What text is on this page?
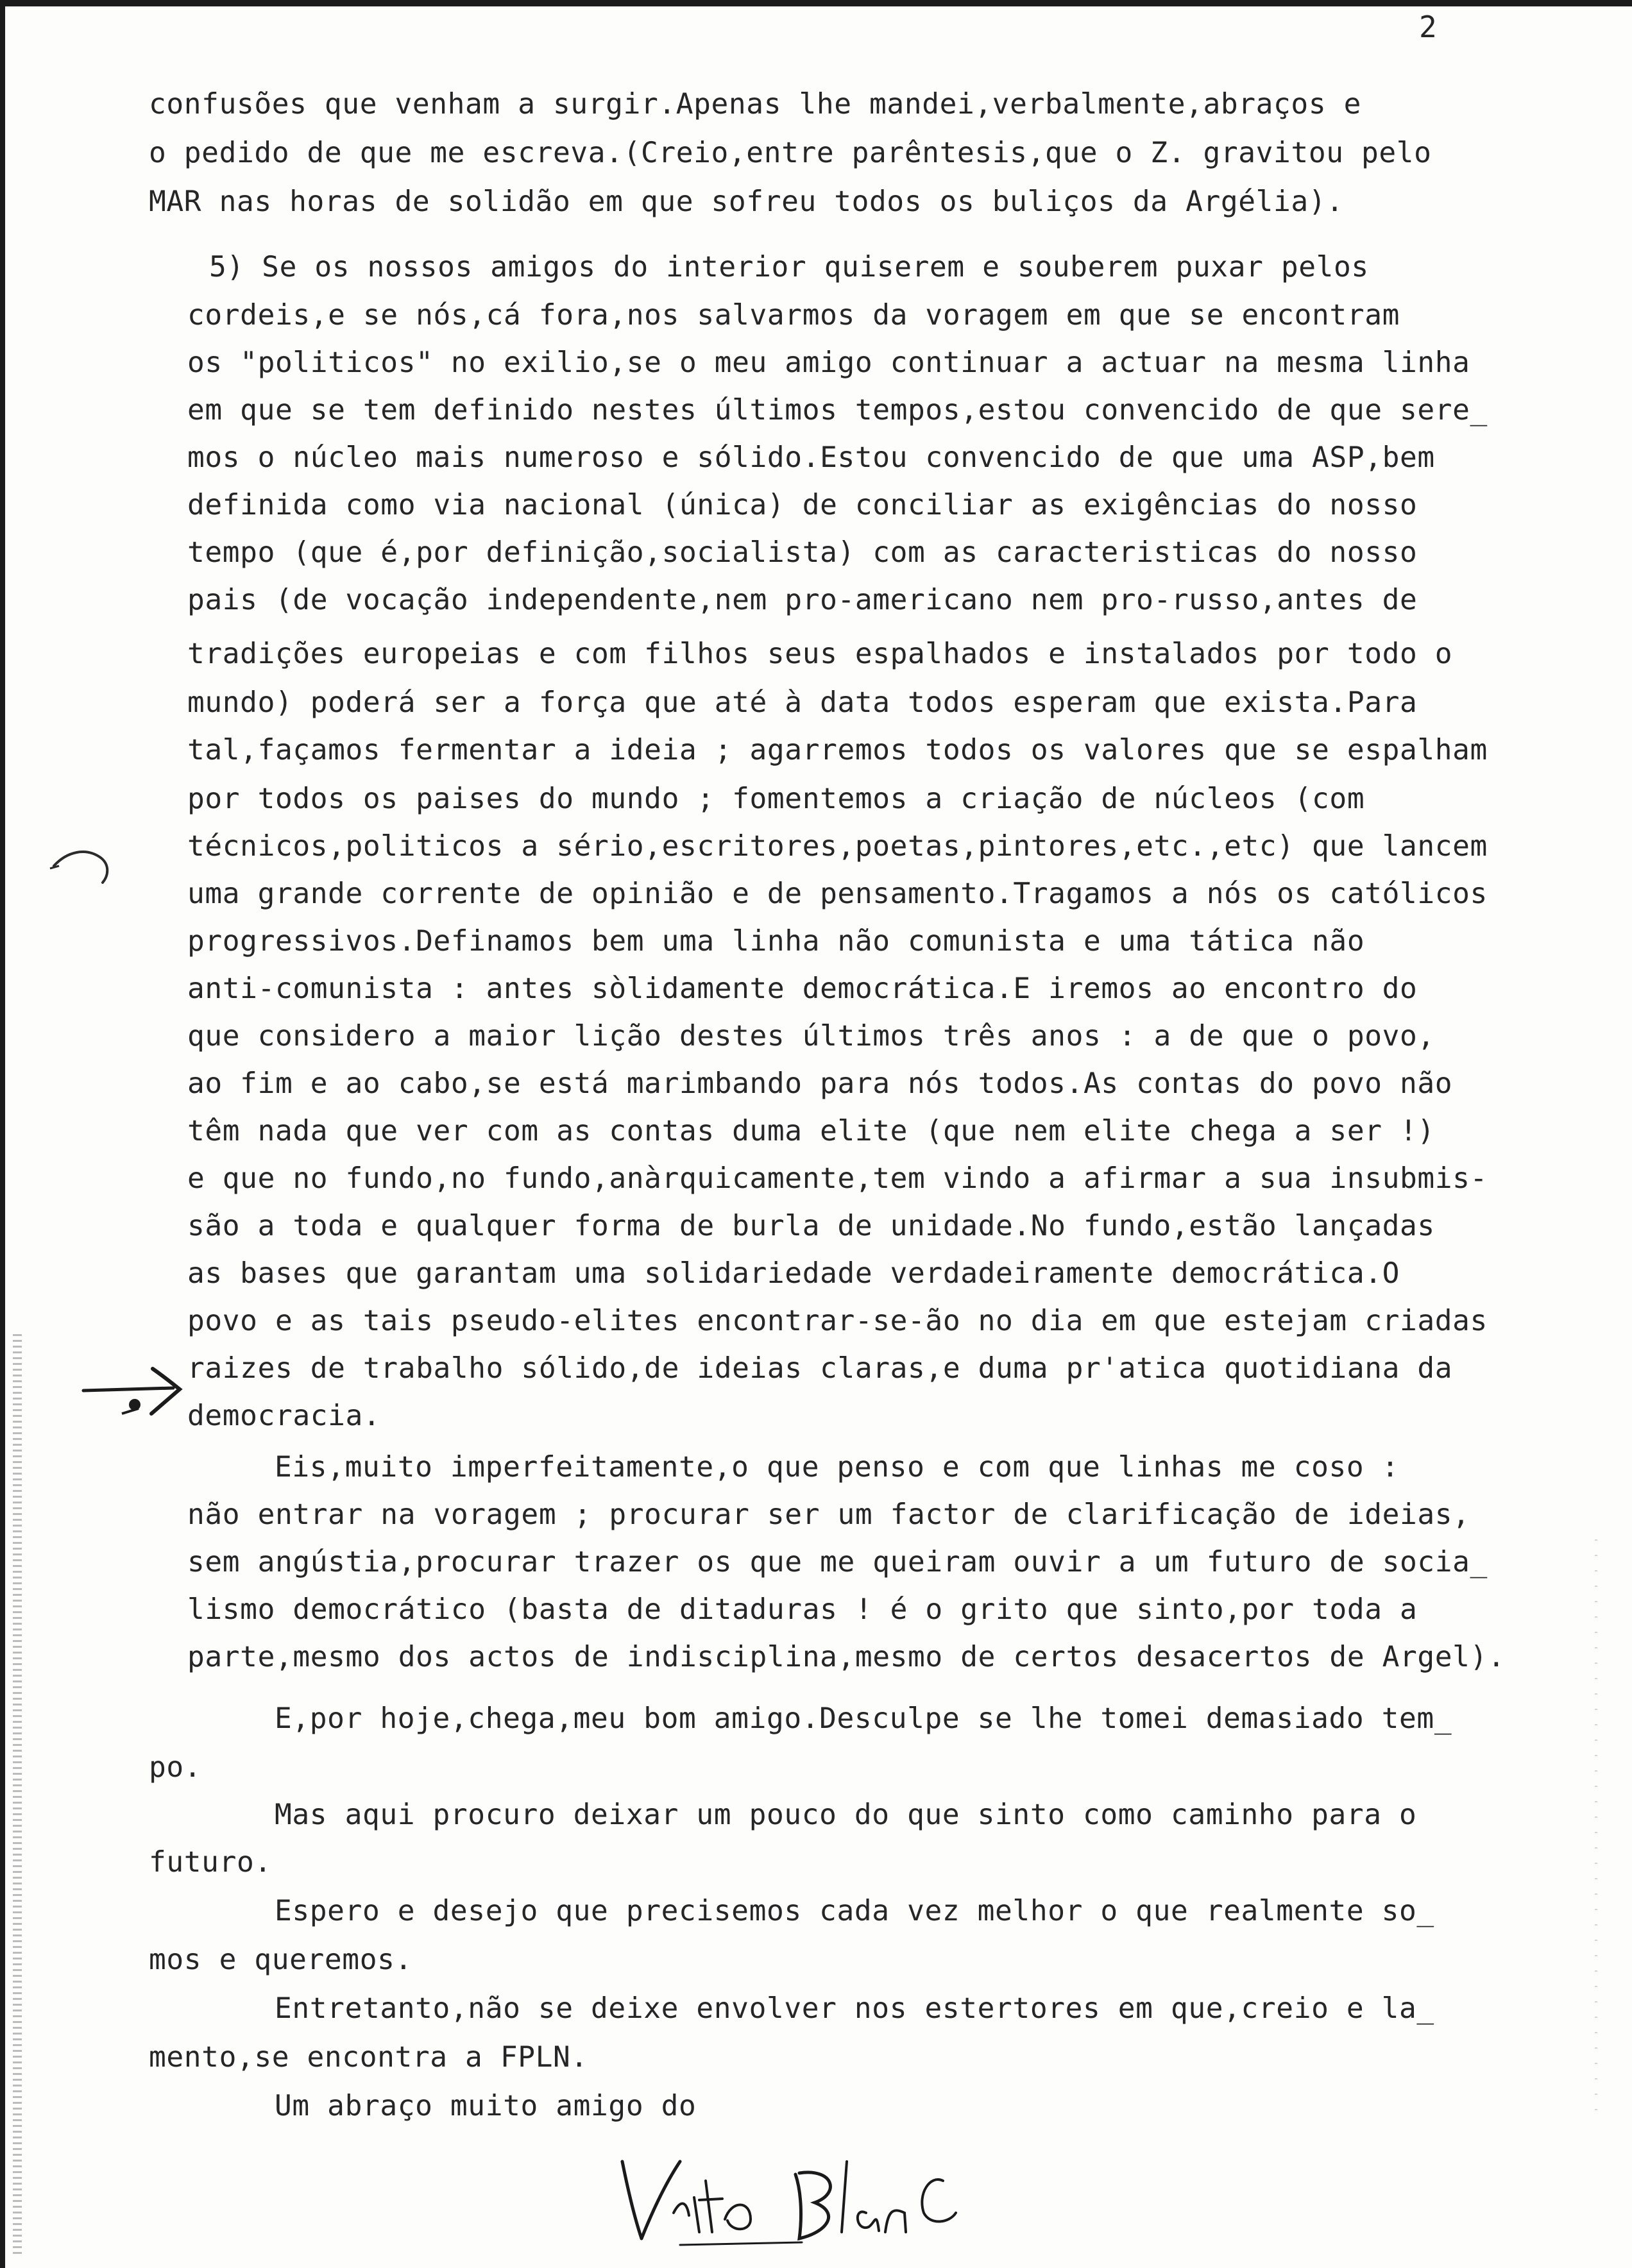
2
confusões que venham a surgir.Apenas lhe mandei,verbalmente,abraços e
o pedido de que me escreva.(Creio,entre parêntesis,que o Z. gravitou pelo
MAR nas horas de solidão em que sofreu todos os buliços da Argélia).
5) Se os nossos amigos do interior quiserem e souberem puxar pelos
cordeis,e se nós,cá fora,nos salvarmos da voragem em que se encontram
os "politicos" no exilio,se o meu amigo continuar a actuar na mesma linha
em que se tem definido nestes últimos tempos,estou convencido de que sere_
mos o núcleo mais numeroso e sólido.Estou convencido de que uma ASP,bem
definida como via nacional (única) de conciliar as exigências do nosso
tempo (que é,por definição,socialista) com as caracteristicas do nosso
pais (de vocação independente,nem pro-americano nem pro-russo,antes de
tradições europeias e com filhos seus espalhados e instalados por todo o
mundo) poderá ser a força que até à data todos esperam que exista.Para
tal,façamos fermentar a ideia ; agarremos todos os valores que se espalham
por todos os paises do mundo ; fomentemos a criação de núcleos (com
técnicos,politicos a sério,escritores,poetas,pintores,etc.,etc) que lancem
uma grande corrente de opinião e de pensamento.Tragamos a nós os católicos
progressivos.Definamos bem uma linha não comunista e uma tática não
anti-comunista : antes sòlidamente democrática.E iremos ao encontro do
que considero a maior lição destes últimos três anos : a de que o povo,
ao fim e ao cabo,se está marimbando para nós todos.As contas do povo não
têm nada que ver com as contas duma elite (que nem elite chega a ser !)
e que no fundo,no fundo,anàrquicamente,tem vindo a afirmar a sua insubmis-
são a toda e qualquer forma de burla de unidade.No fundo,estão lançadas
as bases que garantam uma solidariedade verdadeiramente democrática.O
povo e as tais pseudo-elites encontrar-se-ão no dia em que estejam criadas
raizes de trabalho sólido,de ideias claras,e duma pr'atica quotidiana da
democracia.
Eis,muito imperfeitamente,o que penso e com que linhas me coso :
não entrar na voragem ; procurar ser um factor de clarificação de ideias,
sem angústia,procurar trazer os que me queiram ouvir a um futuro de socia_
lismo democrático (basta de ditaduras ! é o grito que sinto,por toda a
parte,mesmo dos actos de indisciplina,mesmo de certos desacertos de Argel).
E,por hoje,chega,meu bom amigo.Desculpe se lhe tomei demasiado tem_
po.
Mas aqui procuro deixar um pouco do que sinto como caminho para o
futuro.
Espero e desejo que precisemos cada vez melhor o que realmente so_
mos e queremos.
Entretanto,não se deixe envolver nos estertores em que,creio e la_
mento,se encontra a FPLN.
Um abraço muito amigo do
